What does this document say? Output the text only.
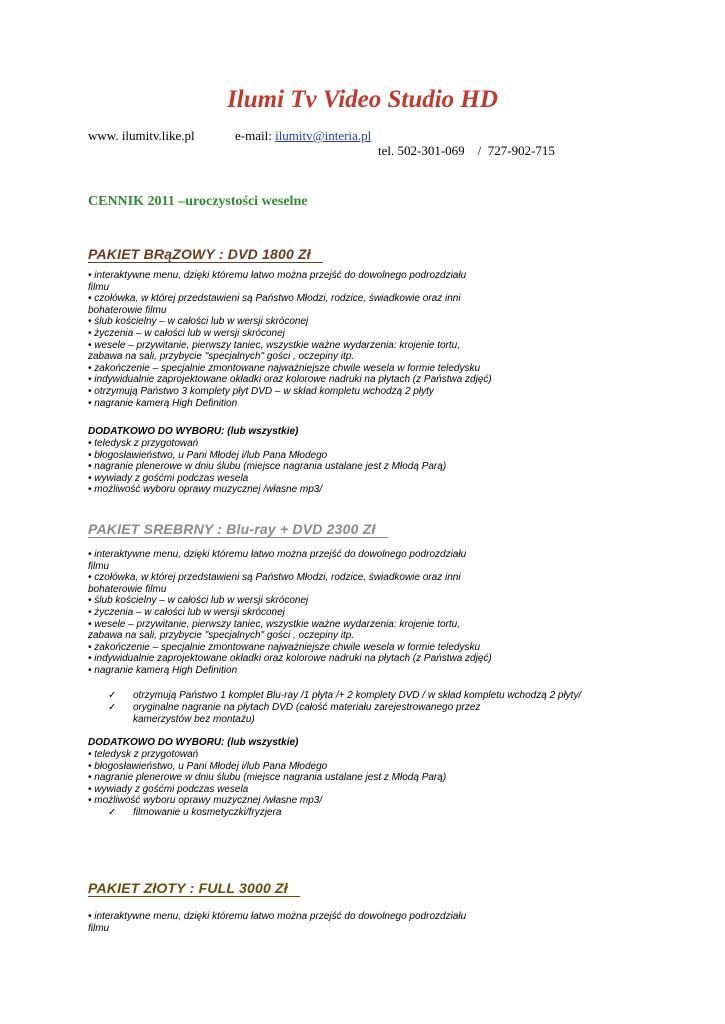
Ilumi Tv Video Studio HD
www. ilumitv.like.pl	e-mail: ilumitv@interia.pl
tel. 502-301-069    /  727-902-715
CENNIK 2011 –uroczystości weselne
PAKIET BRąZOWY : DVD 1800 Zł
• interaktywne menu, dzięki któremu łatwo można przejść do dowolnego podrozdziału
filmu
• czołówka, w której przedstawieni są Państwo Młodzi, rodzice, świadkowie oraz inni
bohaterowie filmu
• ślub kościelny – w całości lub w wersji skróconej
• życzenia – w całości lub w wersji skróconej
• wesele – przywitanie, pierwszy taniec, wszystkie ważne wydarzenia: krojenie tortu,
zabawa na sali, przybycie "specjalnych" gości , oczepiny itp.
• zakończenie – specjalnie zmontowane najważniejsze chwile wesela w formie teledysku
• indywidualnie zaprojektowane okładki oraz kolorowe nadruki na płytach (z Państwa zdjęć)
• otrzymują Państwo 3 komplety płyt DVD – w skład kompletu wchodzą 2 płyty
• nagranie kamerą High Definition
DODATKOWO DO WYBORU: (lub wszystkie)
• teledysk z przygotowań
• błogosławieństwo, u Pani Młodej i/lub Pana Młodego
• nagranie plenerowe w dniu ślubu (miejsce nagrania ustalane jest z Młodą Parą)
• wywiady z gośćmi podczas wesela
• możliwość wyboru oprawy muzycznej /własne mp3/
PAKIET SREBRNY : Blu-ray + DVD 2300 Zł
• interaktywne menu, dzięki któremu łatwo można przejść do dowolnego podrozdziału
filmu
• czołówka, w której przedstawieni są Państwo Młodzi, rodzice, świadkowie oraz inni
bohaterowie filmu
• ślub kościelny – w całości lub w wersji skróconej
• życzenia – w całości lub w wersji skróconej
• wesele – przywitanie, pierwszy taniec, wszystkie ważne wydarzenia: krojenie tortu,
zabawa na sali, przybycie "specjalnych" gości , oczepiny itp.
• zakończenie – specjalnie zmontowane najważniejsze chwile wesela w formie teledysku
• indywidualnie zaprojektowane okładki oraz kolorowe nadruki na płytach (z Państwa zdjęć)
• nagranie kamerą High Definition
✓ otrzymują Państwo 1 komplet Blu-ray /1 płyta /+ 2 komplety DVD / w skład kompletu wchodzą 2 płyty/
✓ oryginalne nagranie na płytach DVD (całość materiału zarejestrowanego przez
kamerzystów bez montażu)
DODATKOWO DO WYBORU: (lub wszystkie)
• teledysk z przygotowań
• błogosławieństwo, u Pani Młodej i/lub Pana Młodego
• nagranie plenerowe w dniu ślubu (miejsce nagrania ustalane jest z Młodą Parą)
• wywiady z gośćmi podczas wesela
• możliwość wyboru oprawy muzycznej /własne mp3/
✓ filmowanie u kosmetyczki/fryzjera
PAKIET ZłOTY : FULL 3000 Zł
• interaktywne menu, dzięki któremu łatwo można przejść do dowolnego podrozdziału
filmu
